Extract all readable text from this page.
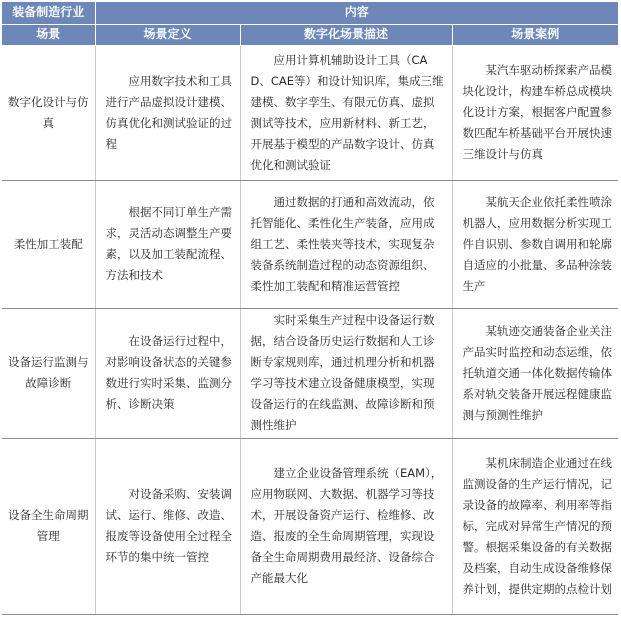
装备制造行业	内容		
场景	场景定义	数字化场景描述	场景案例
数字化设计与仿真	应用数字技术和工具进行产品虚拟设计建模、仿真优化和测试验证的过程	应用计算机辅助设计工具（CAD、CAE等）和设计知识库，集成三维建模、数字孪生、有限元仿真、虚拟测试等技术，应用新材料、新工艺，开展基于模型的产品数字设计、仿真优化和测试验证	某汽车驱动桥探索产品模块化设计，构建车桥总成模块化设计方案，根据客户配置参数匹配车桥基础平台开展快速三维设计与仿真
柔性加工装配	根据不同订单生产需求，灵活动态调整生产要素，以及加工装配流程、方法和技术	通过数据的打通和高效流动，依托智能化、柔性化生产装备，应用成组工艺、柔性装夹等技术，实现复杂装备系统制造过程的动态资源组织、柔性加工装配和精准运营管控	某航天企业依托柔性喷涂机器人，应用数据分析实现工件自识别、参数自调用和轮廓自适应的小批量、多品种涂装生产
设备运行监测与故障诊断	在设备运行过程中，对影响设备状态的关键参数进行实时采集、监测分析、诊断决策	实时采集生产过程中设备运行数据，结合设备历史运行数据和人工诊断专家规则库，通过机理分析和机器学习等技术建立设备健康模型，实现设备运行的在线监测、故障诊断和预测性维护	某轨迹交通装备企业关注产品实时监控和动态运维，依托轨道交通一体化数据传输体系对轨交装备开展远程健康监测与预测性维护
设备全生命周期管理	对设备采购、安装调试、运行、维修、改造、报废等设备使用全过程全环节的集中统一管控	建立企业设备管理系统（EAM），应用物联网、大数据、机器学习等技术，开展设备资产运行、检维修、改造、报废的全生命周期管理，实现设备全生命周期费用最经济、设备综合产能最大化	某机床制造企业通过在线监测设备的生产运行情况，记录设备的故障率、利用率等指标，完成对异常生产情况的预警。根据采集设备的有关数据及档案，自动生成设备维修保养计划，提供定期的点检计划
